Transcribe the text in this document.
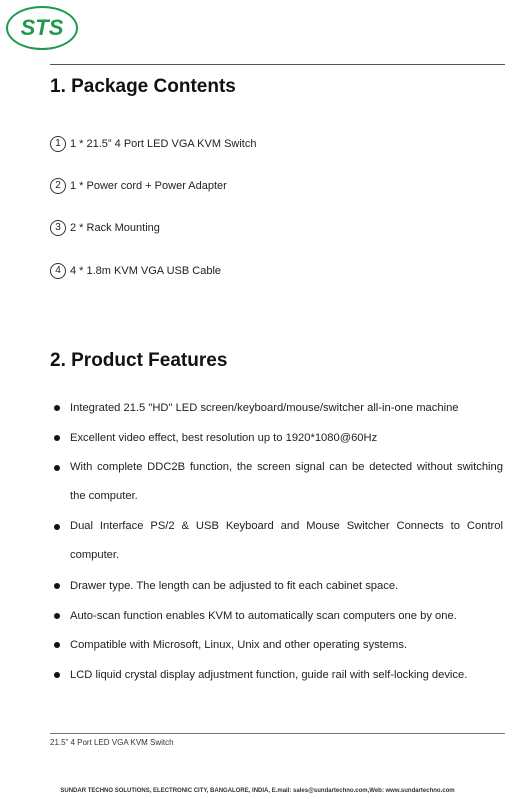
STS
1. Package Contents
1 1 * 21.5” 4 Port LED VGA KVM Switch
2 1 * Power cord + Power Adapter
3 2 * Rack Mounting
4 4 * 1.8m KVM VGA USB Cable
2. Product Features
Integrated 21.5 "HD" LED screen/keyboard/mouse/switcher all-in-one machine
Excellent video effect, best resolution up to 1920*1080@60Hz
With complete DDC2B function, the screen signal can be detected without switching the computer.
Dual Interface PS/2 & USB Keyboard and Mouse Switcher Connects to Control computer.
Drawer type. The length can be adjusted to fit each cabinet space.
Auto-scan function enables KVM to automatically scan computers one by one.
Compatible with Microsoft, Linux, Unix and other operating systems.
LCD liquid crystal display adjustment function, guide rail with self-locking device.
21.5” 4 Port LED VGA KVM Switch
SUNDAR TECHNO SOLUTIONS, ELECTRONIC CITY, BANGALORE, INDIA, E.mail: sales@sundartechno.com,Web: www.sundartechno.com
